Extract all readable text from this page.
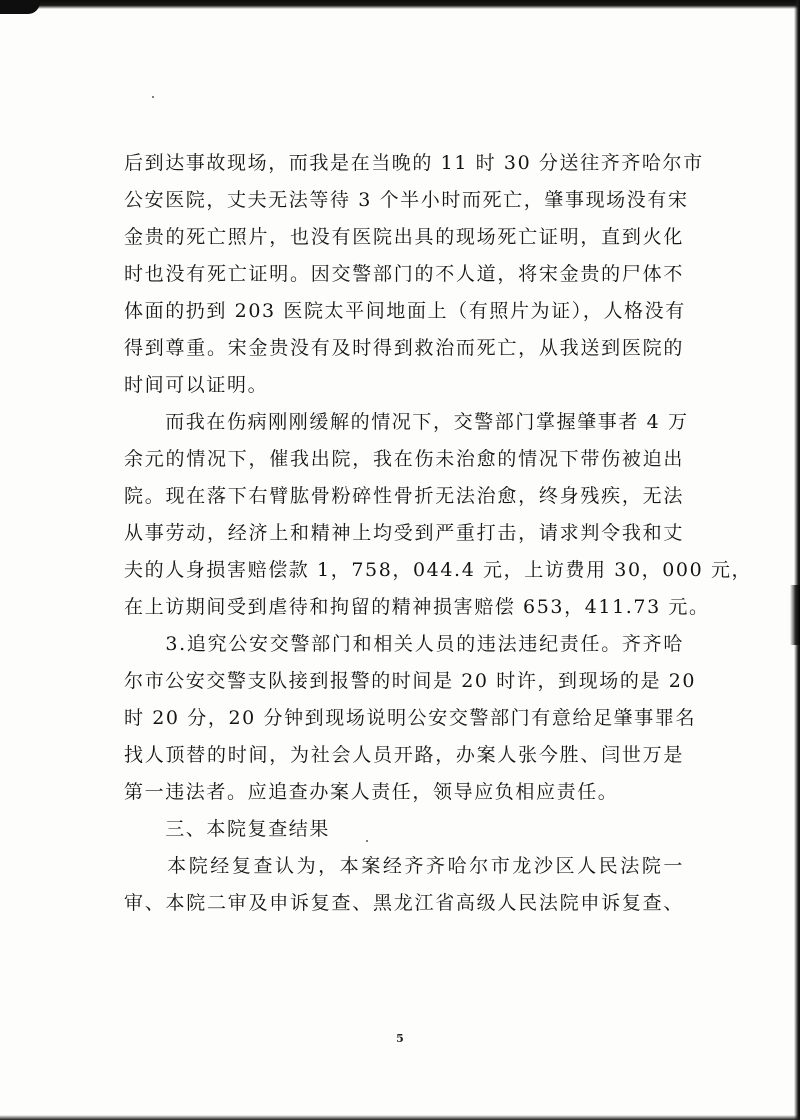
后到达事故现场，而我是在当晚的 11 时 30 分送往齐齐哈尔市
公安医院，丈夫无法等待 3 个半小时而死亡，肇事现场没有宋
金贵的死亡照片，也没有医院出具的现场死亡证明，直到火化
时也没有死亡证明。因交警部门的不人道，将宋金贵的尸体不
体面的扔到 203 医院太平间地面上（有照片为证），人格没有
得到尊重。宋金贵没有及时得到救治而死亡，从我送到医院的
时间可以证明。
　　而我在伤病刚刚缓解的情况下，交警部门掌握肇事者 4 万
余元的情况下，催我出院，我在伤未治愈的情况下带伤被迫出
院。现在落下右臂肱骨粉碎性骨折无法治愈，终身残疾，无法
从事劳动，经济上和精神上均受到严重打击，请求判令我和丈
夫的人身损害赔偿款 1，758，044.4 元，上访费用 30，000 元，
在上访期间受到虐待和拘留的精神损害赔偿 653，411.73 元。
　　3.追究公安交警部门和相关人员的违法违纪责任。齐齐哈
尔市公安交警支队接到报警的时间是 20 时许，到现场的是 20
时 20 分，20 分钟到现场说明公安交警部门有意给足肇事罪名
找人顶替的时间，为社会人员开路，办案人张今胜、闫世万是
第一违法者。应追查办案人责任，领导应负相应责任。
　　三、本院复查结果
　　本院经复查认为，本案经齐齐哈尔市龙沙区人民法院一
审、本院二审及申诉复查、黑龙江省高级人民法院申诉复查、
5
